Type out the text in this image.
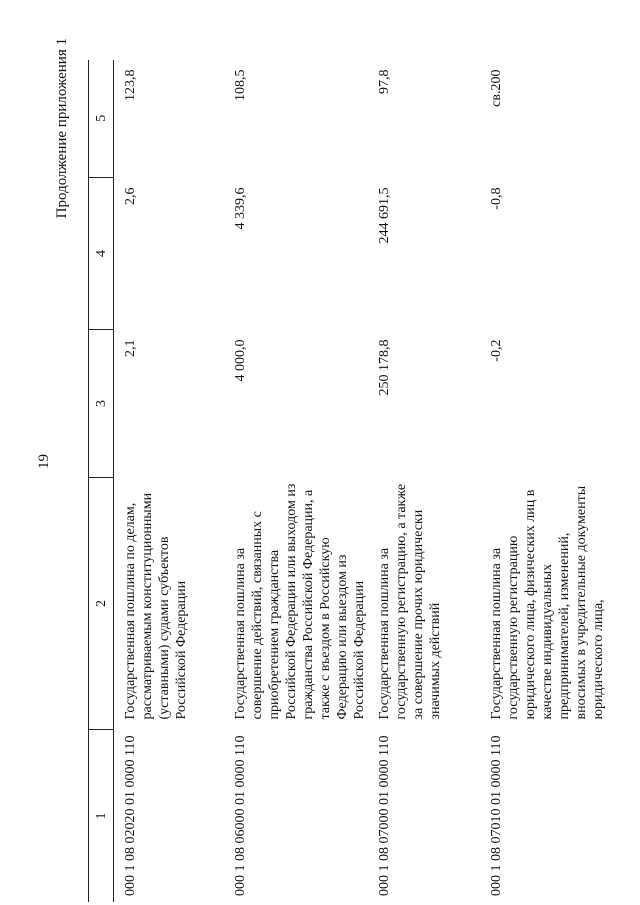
19
Продолжение приложения 1
1	2	3	4	5
000 1 08 02020 01 0000 110	Государственная пошлина по делам, рассматриваемым конституционными (уставными) судами субъектов Российской Федерации	2,1	2,6	123,8
000 1 08 06000 01 0000 110	Государственная пошлина за совершение действий, связанных с приобретением гражданства Российской Федерации или выходом из гражданства Российской Федерации, а также с въездом в Российскую Федерацию или выездом из Российской Федерации	4 000,0	4 339,6	108,5
000 1 08 07000 01 0000 110	Государственная пошлина за государственную регистрацию, а также за совершение прочих юридически значимых действий	250 178,8	244 691,5	97,8
000 1 08 07010 01 0000 110	Государственная пошлина за государственную регистрацию юридического лица, физических лиц в качестве индивидуальных предпринимателей, изменений, вносимых в учредительные документы юридического лица,	-0,2	-0,8	св.200
